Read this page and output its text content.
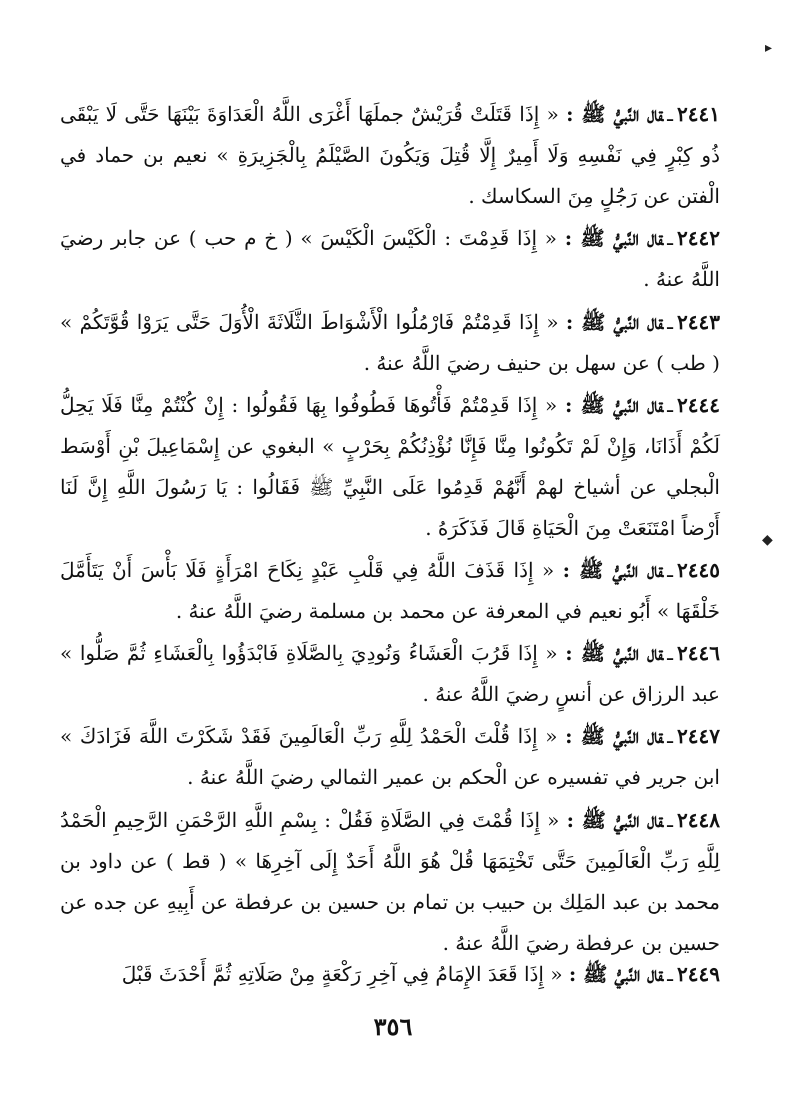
٢٤٤١ـقال النَّبيُّ ﷺ : « إِذَا قَتَلَتْ قُرَيْشٌ جملَهَا أَغْرَى اللَّهُ الْعَدَاوَةَ بَيْنَهَا حَتَّى لَا يَبْقَى ذُو كِبْرٍ فِي نَفْسِهِ وَلَا أَمِيرٌ إِلَّا قُتِلَ وَيَكُونَ الصَّيْلَمُ بِالْجَزِيرَةِ » نعيم بن حماد في الْفتن عن رَجُلٍ مِنَ السكاسك .
٢٤٤٢ـقال النَّبيُّ ﷺ : « إِذَا قَدِمْتَ : الْكَيْسَ الْكَيْسَ » ( خ م حب ) عن جابر رضيَ اللَّهُ عنهُ .
٢٤٤٣ـقال النَّبيُّ ﷺ : « إِذَا قَدِمْتُمْ فَارْمُلُوا الْأَشْوَاطَ الثَّلَاثَةَ الْأُوَلَ حَتَّى يَرَوْا قُوَّتَكُمْ » ( طب ) عن سهل بن حنيف رضيَ اللَّهُ عنهُ .
٢٤٤٤ـقال النَّبيُّ ﷺ : « إِذَا قَدِمْتُمْ فَأْتُوهَا فَطُوفُوا بِهَا فَقُولُوا : إِنْ كُنْتُمْ مِنَّا فَلَا يَحِلُّ لَكُمْ أَذَانَا، وَإِنْ لَمْ تَكُونُوا مِنَّا فَإِنَّا نُؤْذِنُكُمْ بِحَرْبٍ » البغوي عن إِسْمَاعِيلَ بْنِ أَوْسَط الْبجلي عن أشياخ لهمْ أَنَّهُمْ قَدِمُوا عَلَى النَّبِيِّ ﷺ فَقَالُوا : يَا رَسُولَ اللَّهِ إِنَّ لَنَا أَرْضاً امْتَنَعَتْ مِنَ الْحَيَاةِ قَالَ فَذَكَرَهُ .
٢٤٤٥ـقال النَّبيُّ ﷺ : « إِذَا قَذَفَ اللَّهُ فِي قَلْبِ عَبْدٍ نِكَاحَ امْرَأَةٍ فَلَا بَأْسَ أَنْ يَتَأَمَّلَ خَلْقَهَا » أَبُو نعيم في المعرفة عن محمد بن مسلمة رضيَ اللَّهُ عنهُ .
٢٤٤٦ـقال النَّبيُّ ﷺ : « إِذَا قَرُبَ الْعَشَاءُ وَنُودِيَ بِالصَّلَاةِ فَابْدَؤُوا بِالْعَشَاءِ ثُمَّ صَلُّوا » عبد الرزاق عن أنسٍ رضيَ اللَّهُ عنهُ .
٢٤٤٧ـقال النَّبيُّ ﷺ : « إِذَا قُلْتَ الْحَمْدُ لِلَّهِ رَبِّ الْعَالَمِينَ فَقَدْ شَكَرْتَ اللَّهَ فَزَادَكَ » ابن جرير في تفسيره عن الْحكم بن عمير الثمالي رضيَ اللَّهُ عنهُ .
٢٤٤٨ـقال النَّبيُّ ﷺ : « إِذَا قُمْتَ فِي الصَّلَاةِ فَقُلْ : بِسْمِ اللَّهِ الرَّحْمَنِ الرَّحِيمِ الْحَمْدُ لِلَّهِ رَبِّ الْعَالَمِينَ حَتَّى تَخْتِمَهَا قُلْ هُوَ اللَّهُ أَحَدٌ إِلَى آخِرِهَا » ( قط ) عن داود بن محمد بن عبد المَلِك بن حبيب بن تمام بن حسين بن عرفطة عن أَبِيهِ عن جده عن حسين بن عرفطة رضيَ اللَّهُ عنهُ .
٢٤٤٩ـقال النَّبيُّ ﷺ : « إِذَا قَعَدَ الإِمَامُ فِي آخِرِ رَكْعَةٍ مِنْ صَلَاتِهِ ثُمَّ أَحْدَثَ قَبْلَ
٣٥٦
▸
◆
